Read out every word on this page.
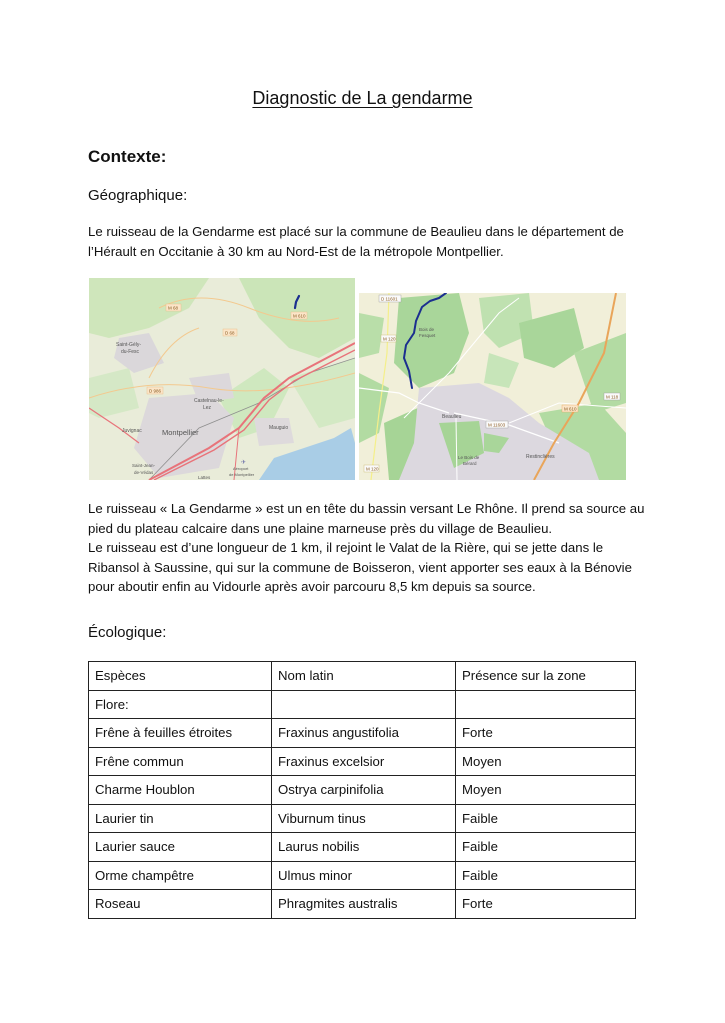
Diagnostic de La gendarme
Contexte:
Géographique:
Le ruisseau de la Gendarme est placé sur la commune de Beaulieu dans le département de l’Hérault en Occitanie à 30 km au Nord-Est de la métropole Montpellier.
M 68
D 68
M 610
D 986
Saint-Gély-
du-Fesc
Castelnau-le-
Lez
Montpellier	Mauguio
Juvignac
Saint-Jean-
de-Védas
Lattes
Aéroport
de Montpellier
✈
D 11601
M 120
M 120
M 11603
M 610
M 118
Bois de
Fesquet
Beaulieu
Le Bois de
Bérard
Restinclières
Le ruisseau « La Gendarme » est un en tête du bassin versant Le Rhône. Il prend sa source au pied du plateau calcaire dans une plaine marneuse près du village de Beaulieu.
Le ruisseau est d’une longueur de 1 km, il rejoint le Valat de la Rière, qui se jette dans le Ribansol à Saussine, qui sur la commune de Boisseron, vient apporter ses eaux à la Bénovie pour aboutir enfin au Vidourle après avoir parcouru 8,5 km depuis sa source.
Écologique:
Espèces	Nom latin	Présence sur la zone
Flore:		
Frêne à feuilles étroites	Fraxinus angustifolia	Forte
Frêne commun	Fraxinus excelsior	Moyen
Charme Houblon	Ostrya carpinifolia	Moyen
Laurier tin	Viburnum tinus	Faible
Laurier sauce	Laurus nobilis	Faible
Orme champêtre	Ulmus minor	Faible
Roseau	Phragmites australis	Forte
